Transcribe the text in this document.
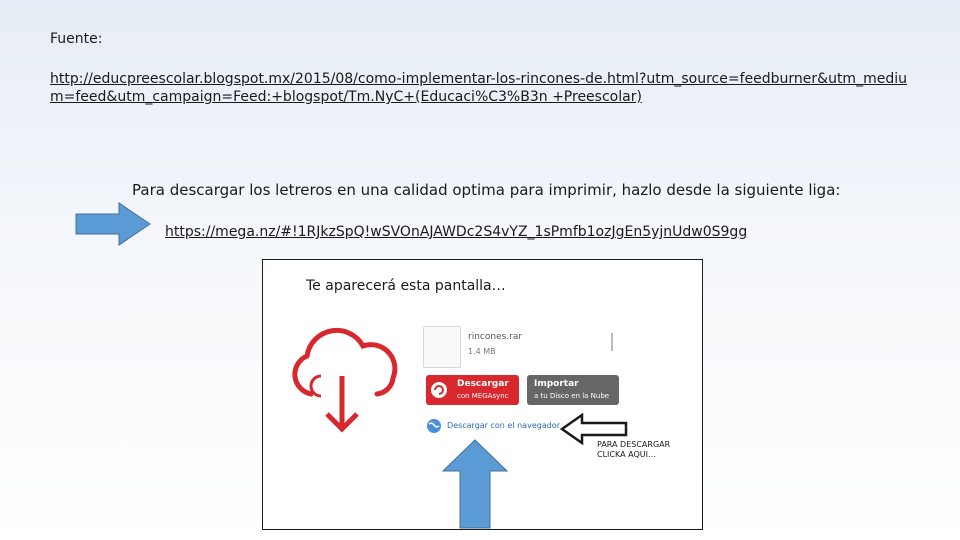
Fuente:
http://educpreescolar.blogspot.mx/2015/08/como-implementar-los-rincones-de.html?utm_source=feedburner&utm_medium=feed&utm_campaign=Feed:+blogspot/Tm.NyC+(Educaci%C3%B3n +Preescolar)
Para descargar los letreros en una calidad optima para imprimir, hazlo desde la siguiente liga:
https://mega.nz/#!1RJkzSpQ!wSVOnAJAWDc2S4vYZ_1sPmfb1ozJgEn5yjnUdw0S9gg
Te aparecerá esta pantalla…
rincones.rar
1.4 MB
Descargar
con MEGAsync
Importar
a tu Disco en la Nube
Descargar con el navegador
PARA DESCARGAR
CLICKA AQUI…
